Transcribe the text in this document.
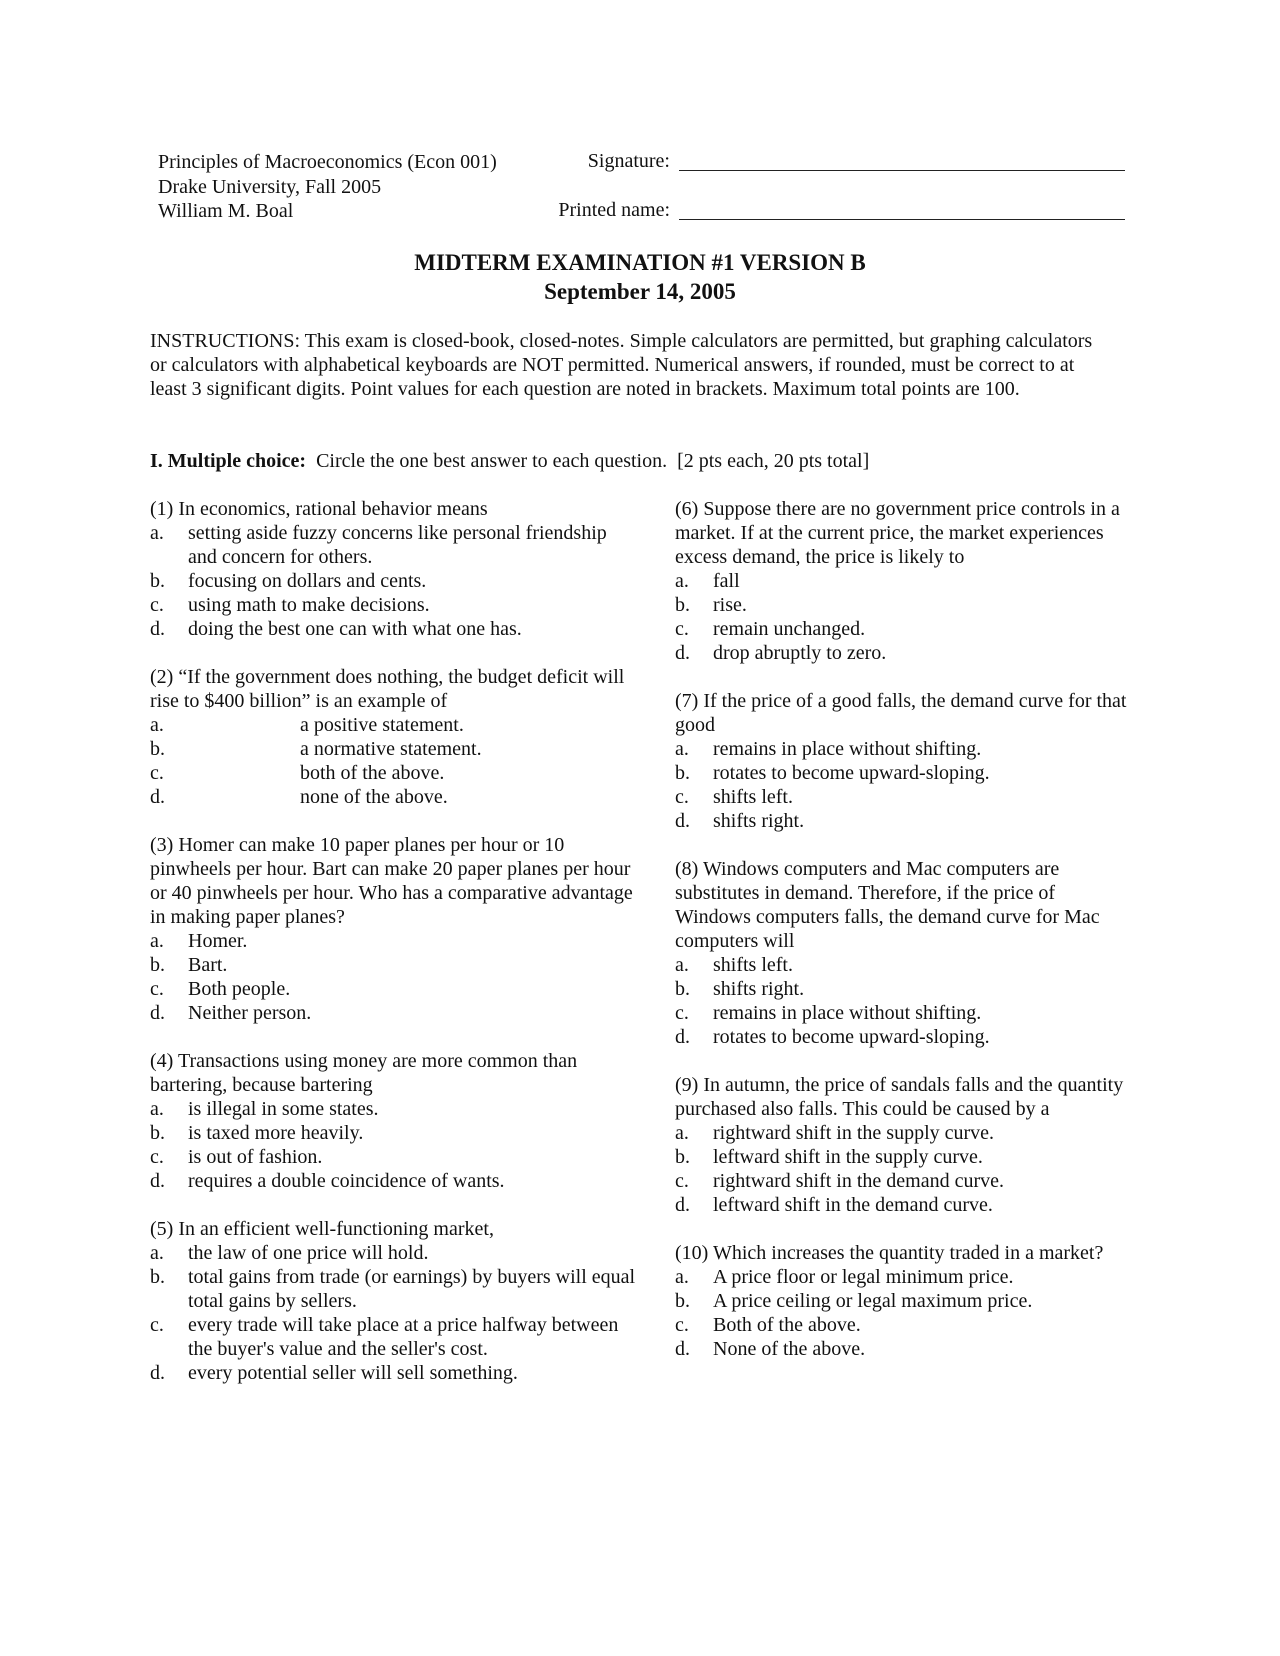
Principles of Macroeconomics (Econ 001)
Drake University, Fall 2005
William M. Boal
Signature:
Printed name:
MIDTERM EXAMINATION #1 VERSION B
September 14, 2005
INSTRUCTIONS: This exam is closed-book, closed-notes. Simple calculators are permitted, but graphing calculators or calculators with alphabetical keyboards are NOT permitted. Numerical answers, if rounded, must be correct to at least 3 significant digits. Point values for each question are noted in brackets. Maximum total points are 100.
I. Multiple choice:  Circle the one best answer to each question.  [2 pts each, 20 pts total]
(1) In economics, rational behavior means
a.	setting aside fuzzy concerns like personal friendship and concern for others.
b.	focusing on dollars and cents.
c.	using math to make decisions.
d.	doing the best one can with what one has.
(2) “If the government does nothing, the budget deficit will rise to $400 billion” is an example of
a.	a positive statement.
b.	a normative statement.
c.	both of the above.
d.	none of the above.
(3) Homer can make 10 paper planes per hour or 10 pinwheels per hour. Bart can make 20 paper planes per hour or 40 pinwheels per hour. Who has a comparative advantage in making paper planes?
a.	Homer.
b.	Bart.
c.	Both people.
d.	Neither person.
(4) Transactions using money are more common than bartering, because bartering
a.	is illegal in some states.
b.	is taxed more heavily.
c.	is out of fashion.
d.	requires a double coincidence of wants.
(5) In an efficient well-functioning market,
a.	the law of one price will hold.
b.	total gains from trade (or earnings) by buyers will equal total gains by sellers.
c.	every trade will take place at a price halfway between the buyer's value and the seller's cost.
d.	every potential seller will sell something.
(6) Suppose there are no government price controls in a market. If at the current price, the market experiences excess demand, the price is likely to
a.	fall
b.	rise.
c.	remain unchanged.
d.	drop abruptly to zero.
(7) If the price of a good falls, the demand curve for that good
a.	remains in place without shifting.
b.	rotates to become upward-sloping.
c.	shifts left.
d.	shifts right.
(8) Windows computers and Mac computers are substitutes in demand. Therefore, if the price of Windows computers falls, the demand curve for Mac computers will
a.	shifts left.
b.	shifts right.
c.	remains in place without shifting.
d.	rotates to become upward-sloping.
(9) In autumn, the price of sandals falls and the quantity purchased also falls. This could be caused by a
a.	rightward shift in the supply curve.
b.	leftward shift in the supply curve.
c.	rightward shift in the demand curve.
d.	leftward shift in the demand curve.
(10) Which increases the quantity traded in a market?
a.	A price floor or legal minimum price.
b.	A price ceiling or legal maximum price.
c.	Both of the above.
d.	None of the above.
